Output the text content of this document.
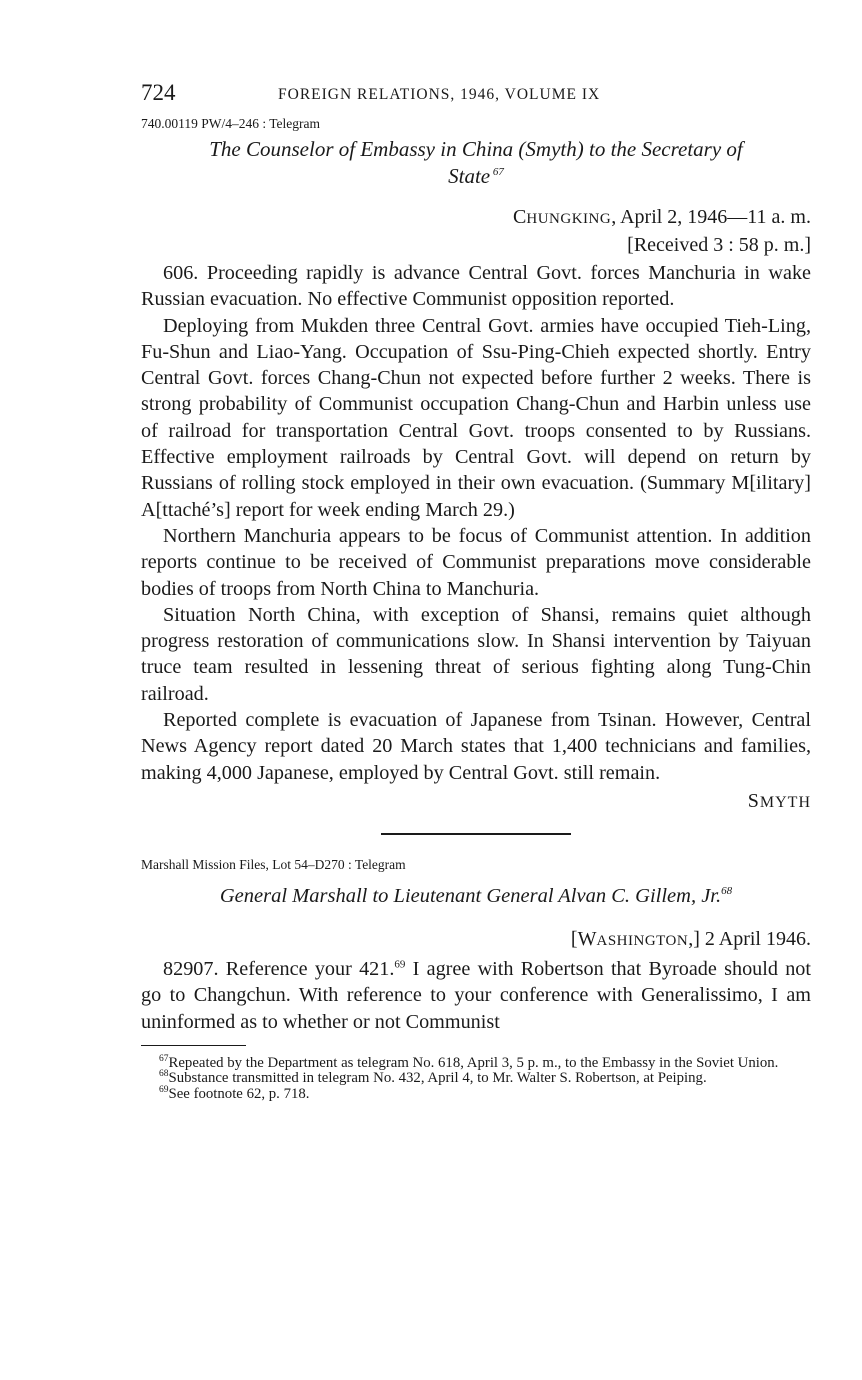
724	FOREIGN RELATIONS, 1946, VOLUME IX
740.00119 PW/4–246 : Telegram
The Counselor of Embassy in China (Smyth) to the Secretary of
State $^{67}$
CHUNGKING, April 2, 1946—11 a. m.
[Received 3 : 58 p. m.]

606. Proceeding rapidly is advance Central Govt. forces Manchuria in wake Russian evacuation. No effective Communist opposition reported.

Deploying from Mukden three Central Govt. armies have occupied Tieh-Ling, Fu-Shun and Liao-Yang. Occupation of Ssu-Ping-Chieh expected shortly. Entry Central Govt. forces Chang-Chun not expected before further 2 weeks. There is strong probability of Communist occupation Chang-Chun and Harbin unless use of railroad for transportation Central Govt. troops consented to by Russians. Effective employment railroads by Central Govt. will depend on return by Russians of rolling stock employed in their own evacuation. (Summary M[ilitary] A[ttaché’s] report for week ending March 29.)

Northern Manchuria appears to be focus of Communist attention. In addition reports continue to be received of Communist preparations move considerable bodies of troops from North China to Manchuria.

Situation North China, with exception of Shansi, remains quiet although progress restoration of communications slow. In Shansi intervention by Taiyuan truce team resulted in lessening threat of serious fighting along Tung-Chin railroad.

Reported complete is evacuation of Japanese from Tsinan. However, Central News Agency report dated 20 March states that 1,400 technicians and families, making 4,000 Japanese, employed by Central Govt. still remain.

SMYTH
Marshall Mission Files, Lot 54–D270 : Telegram
General Marshall to Lieutenant General Alvan C. Gillem, Jr.$^{68}$
[WASHINGTON,] 2 April 1946.

82907. Reference your 421.69 I agree with Robertson that Byroade should not go to Changchun. With reference to your conference with Generalissimo, I am uninformed as to whether or not Communist

$^{67}$Repeated by the Department as telegram No. 618, April 3, 5 p. m., to the Embassy in the Soviet Union.
$^{68}$Substance transmitted in telegram No. 432, April 4, to Mr. Walter S. Robertson, at Peiping.
$^{69}$See footnote 62, p. 718.
